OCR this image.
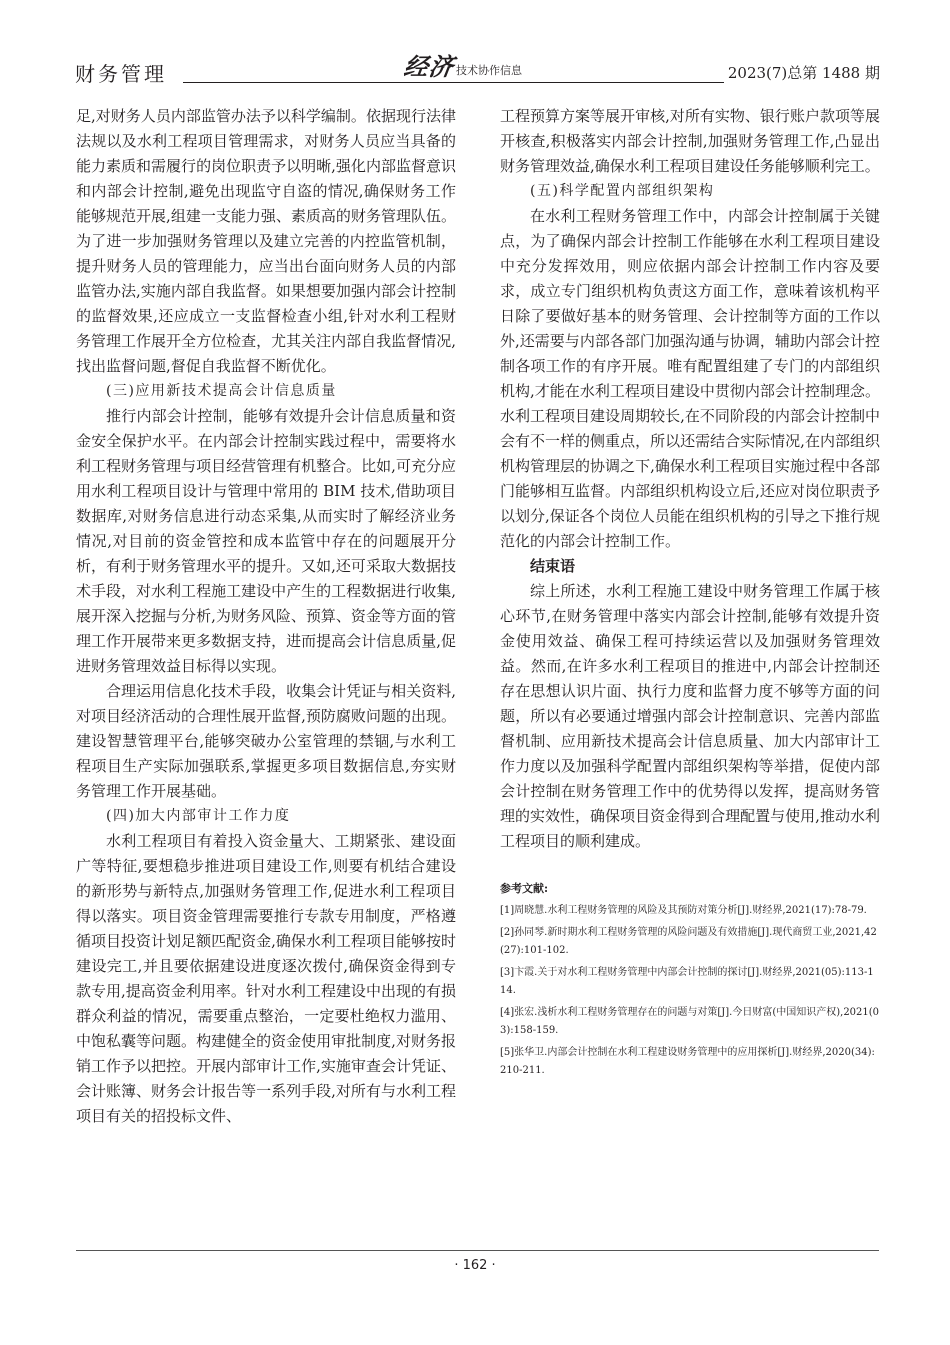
财务管理	经济 技术协作信息	2023(7)总第 1488 期

足,对财务人员内部监管办法予以科学编制。依据现行法律法规以及水利工程项目管理需求，对财务人员应当具备的能力素质和需履行的岗位职责予以明晰,强化内部监督意识和内部会计控制,避免出现监守自盗的情况,确保财务工作能够规范开展,组建一支能力强、素质高的财务管理队伍。为了进一步加强财务管理以及建立完善的内控监管机制，提升财务人员的管理能力，应当出台面向财务人员的内部监管办法,实施内部自我监督。如果想要加强内部会计控制的监督效果,还应成立一支监督检查小组,针对水利工程财务管理工作展开全方位检查，尤其关注内部自我监督情况,找出监督问题,督促自我监督不断优化。

(三)应用新技术提高会计信息质量

推行内部会计控制，能够有效提升会计信息质量和资金安全保护水平。在内部会计控制实践过程中，需要将水利工程财务管理与项目经营管理有机整合。比如,可充分应用水利工程项目设计与管理中常用的 BIM 技术,借助项目数据库,对财务信息进行动态采集,从而实时了解经济业务情况,对目前的资金管控和成本监管中存在的问题展开分析，有利于财务管理水平的提升。又如,还可采取大数据技术手段，对水利工程施工建设中产生的工程数据进行收集,展开深入挖掘与分析,为财务风险、预算、资金等方面的管理工作开展带来更多数据支持，进而提高会计信息质量,促进财务管理效益目标得以实现。

合理运用信息化技术手段，收集会计凭证与相关资料,对项目经济活动的合理性展开监督,预防腐败问题的出现。建设智慧管理平台,能够突破办公室管理的禁锢,与水利工程项目生产实际加强联系,掌握更多项目数据信息,夯实财务管理工作开展基础。

(四)加大内部审计工作力度

水利工程项目有着投入资金量大、工期紧张、建设面广等特征,要想稳步推进项目建设工作,则要有机结合建设的新形势与新特点,加强财务管理工作,促进水利工程项目得以落实。项目资金管理需要推行专款专用制度，严格遵循项目投资计划足额匹配资金,确保水利工程项目能够按时建设完工,并且要依据建设进度逐次拨付,确保资金得到专款专用,提高资金利用率。针对水利工程建设中出现的有损群众利益的情况，需要重点整治，一定要杜绝权力滥用、中饱私囊等问题。构建健全的资金使用审批制度,对财务报销工作予以把控。开展内部审计工作,实施审查会计凭证、会计账簿、财务会计报告等一系列手段,对所有与水利工程项目有关的招投标文件、

工程预算方案等展开审核,对所有实物、银行账户款项等展开核查,积极落实内部会计控制,加强财务管理工作,凸显出财务管理效益,确保水利工程项目建设任务能够顺利完工。

(五)科学配置内部组织架构

在水利工程财务管理工作中，内部会计控制属于关键点，为了确保内部会计控制工作能够在水利工程项目建设中充分发挥效用，则应依据内部会计控制工作内容及要求，成立专门组织机构负责这方面工作，意味着该机构平日除了要做好基本的财务管理、会计控制等方面的工作以外,还需要与内部各部门加强沟通与协调，辅助内部会计控制各项工作的有序开展。唯有配置组建了专门的内部组织机构,才能在水利工程项目建设中贯彻内部会计控制理念。水利工程项目建设周期较长,在不同阶段的内部会计控制中会有不一样的侧重点，所以还需结合实际情况,在内部组织机构管理层的协调之下,确保水利工程项目实施过程中各部门能够相互监督。内部组织机构设立后,还应对岗位职责予以划分,保证各个岗位人员能在组织机构的引导之下推行规范化的内部会计控制工作。

结束语

综上所述，水利工程施工建设中财务管理工作属于核心环节,在财务管理中落实内部会计控制,能够有效提升资金使用效益、确保工程可持续运营以及加强财务管理效益。然而,在许多水利工程项目的推进中,内部会计控制还存在思想认识片面、执行力度和监督力度不够等方面的问题，所以有必要通过增强内部会计控制意识、完善内部监督机制、应用新技术提高会计信息质量、加大内部审计工作力度以及加强科学配置内部组织架构等举措，促使内部会计控制在财务管理工作中的优势得以发挥，提高财务管理的实效性，确保项目资金得到合理配置与使用,推动水利工程项目的顺利建成。

参考文献:

[1]周晓慧.水利工程财务管理的风险及其预防对策分析[J].财经界,2021(17):78-79.
[2]孙同琴.新时期水利工程财务管理的风险问题及有效措施[J].现代商贸工业,2021,42(27):101-102.
[3]卞霞.关于对水利工程财务管理中内部会计控制的探讨[J].财经界,2021(05):113-114.
[4]张宏.浅析水利工程财务管理存在的问题与对策[J].今日财富(中国知识产权),2021(03):158-159.
[5]张华卫.内部会计控制在水利工程建设财务管理中的应用探析[J].财经界,2020(34):210-211.
· 162 ·
